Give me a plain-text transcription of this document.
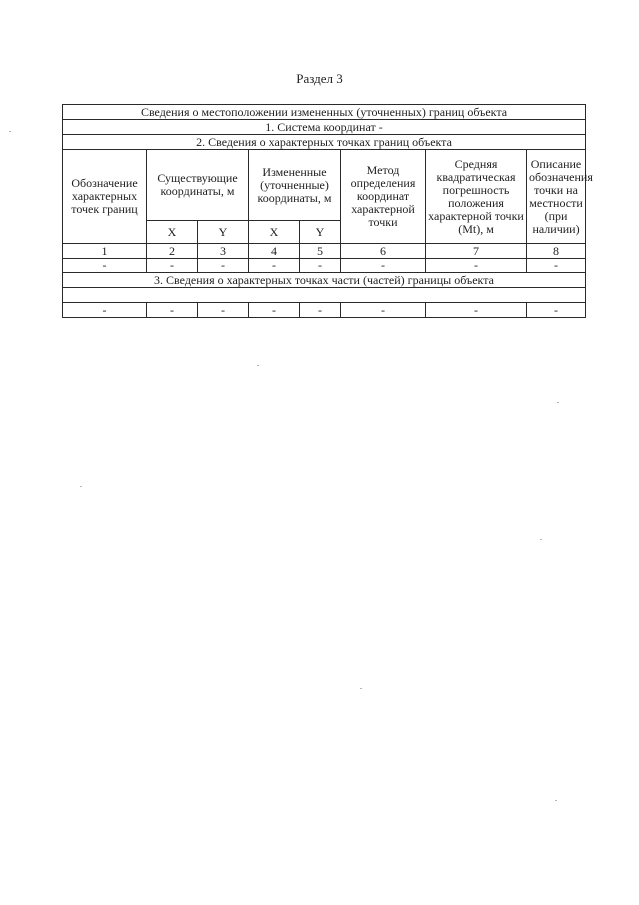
Раздел 3
Сведения о местоположении измененных (уточненных) границ объекта							
1. Система координат -							
2. Сведения о характерных точках границ объекта							
Обозначение характерных точек границ	Существующие координаты, м		Измененные (уточненные) координаты, м		Метод определения координат характерной точки	Средняя квадратическая погрешность положения характерной точки (Mt), м	Описание обозначения точки на местности (при наличии)
	X	Y	X	Y			
1	2	3	4	5	6	7	8
-	-	-	-	-	-	-	-
3. Сведения о характерных точках части (частей) границы объекта							

-	-	-	-	-	-	-	-
